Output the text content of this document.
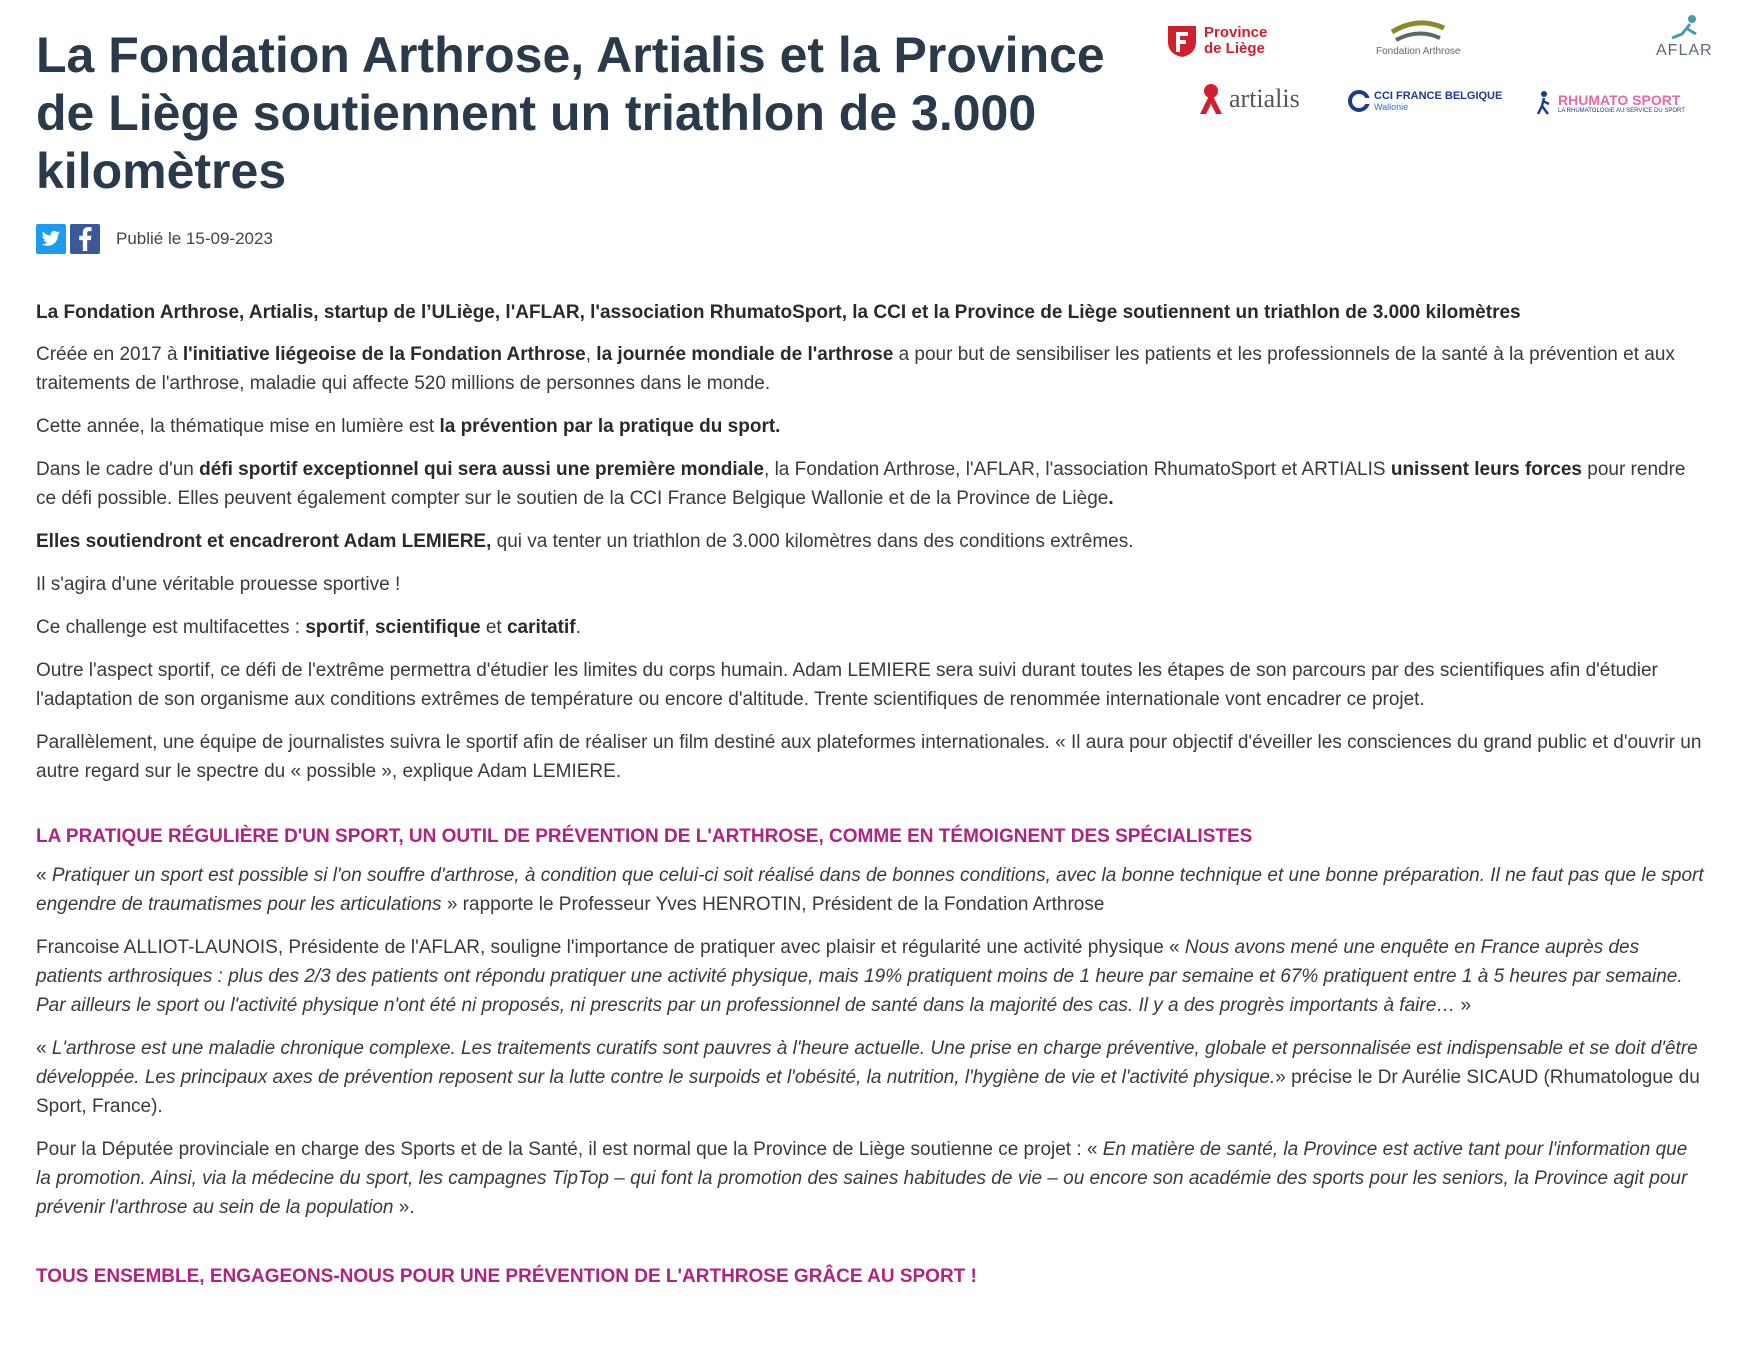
La Fondation Arthrose, Artialis et la Province de Liège soutiennent un triathlon de 3.000 kilomètres
Province de Liège	Fondation Arthrose	AFLAR
artialis	CCI FRANCE BELGIQUE
Wallonie	RHUMATO SPORT
LA RHUMATOLOGIE AU SERVICE DU SPORT
Publié le 15-09-2023

La Fondation Arthrose, Artialis, startup de l’ULiège, l'AFLAR, l'association RhumatoSport, la CCI et la Province de Liège soutiennent un triathlon de 3.000 kilomètres

Créée en 2017 à l'initiative liégeoise de la Fondation Arthrose, la journée mondiale de l'arthrose a pour but de sensibiliser les patients et les professionnels de la santé à la prévention et aux traitements de l'arthrose, maladie qui affecte 520 millions de personnes dans le monde.

Cette année, la thématique mise en lumière est la prévention par la pratique du sport.

Dans le cadre d'un défi sportif exceptionnel qui sera aussi une première mondiale, la Fondation Arthrose, l'AFLAR, l'association RhumatoSport et ARTIALIS unissent leurs forces pour rendre ce défi possible. Elles peuvent également compter sur le soutien de la CCI France Belgique Wallonie et de la Province de Liège.

Elles soutiendront et encadreront Adam LEMIERE, qui va tenter un triathlon de 3.000 kilomètres dans des conditions extrêmes.

Il s'agira d'une véritable prouesse sportive !

Ce challenge est multifacettes : sportif, scientifique et caritatif.

Outre l'aspect sportif, ce défi de l'extrême permettra d'étudier les limites du corps humain. Adam LEMIERE sera suivi durant toutes les étapes de son parcours par des scientifiques afin d'étudier l'adaptation de son organisme aux conditions extrêmes de température ou encore d'altitude. Trente scientifiques de renommée internationale vont encadrer ce projet.

Parallèlement, une équipe de journalistes suivra le sportif afin de réaliser un film destiné aux plateformes internationales. « Il aura pour objectif d'éveiller les consciences du grand public et d'ouvrir un autre regard sur le spectre du « possible », explique Adam LEMIERE.

LA PRATIQUE RÉGULIÈRE D'UN SPORT, UN OUTIL DE PRÉVENTION DE L'ARTHROSE, COMME EN TÉMOIGNENT DES SPÉCIALISTES

« Pratiquer un sport est possible si l'on souffre d'arthrose, à condition que celui-ci soit réalisé dans de bonnes conditions, avec la bonne technique et une bonne préparation. Il ne faut pas que le sport engendre de traumatismes pour les articulations » rapporte le Professeur Yves HENROTIN, Président de la Fondation Arthrose

Francoise ALLIOT-LAUNOIS, Présidente de l'AFLAR, souligne l'importance de pratiquer avec plaisir et régularité une activité physique « Nous avons mené une enquête en France auprès des patients arthrosiques : plus des 2/3 des patients ont répondu pratiquer une activité physique, mais 19% pratiquent moins de 1 heure par semaine et 67% pratiquent entre 1 à 5 heures par semaine. Par ailleurs le sport ou l'activité physique n'ont été ni proposés, ni prescrits par un professionnel de santé dans la majorité des cas. Il y a des progrès importants à faire… »

« L'arthrose est une maladie chronique complexe. Les traitements curatifs sont pauvres à l'heure actuelle. Une prise en charge préventive, globale et personnalisée est indispensable et se doit d'être développée. Les principaux axes de prévention reposent sur la lutte contre le surpoids et l'obésité, la nutrition, l'hygiène de vie et l'activité physique.» précise le Dr Aurélie SICAUD (Rhumatologue du Sport, France).

Pour la Députée provinciale en charge des Sports et de la Santé, il est normal que la Province de Liège soutienne ce projet : « En matière de santé, la Province est active tant pour l'information que la promotion. Ainsi, via la médecine du sport, les campagnes TipTop – qui font la promotion des saines habitudes de vie – ou encore son académie des sports pour les seniors, la Province agit pour prévenir l'arthrose au sein de la population ».

TOUS ENSEMBLE, ENGAGEONS-NOUS POUR UNE PRÉVENTION DE L'ARTHROSE GRÂCE AU SPORT !
